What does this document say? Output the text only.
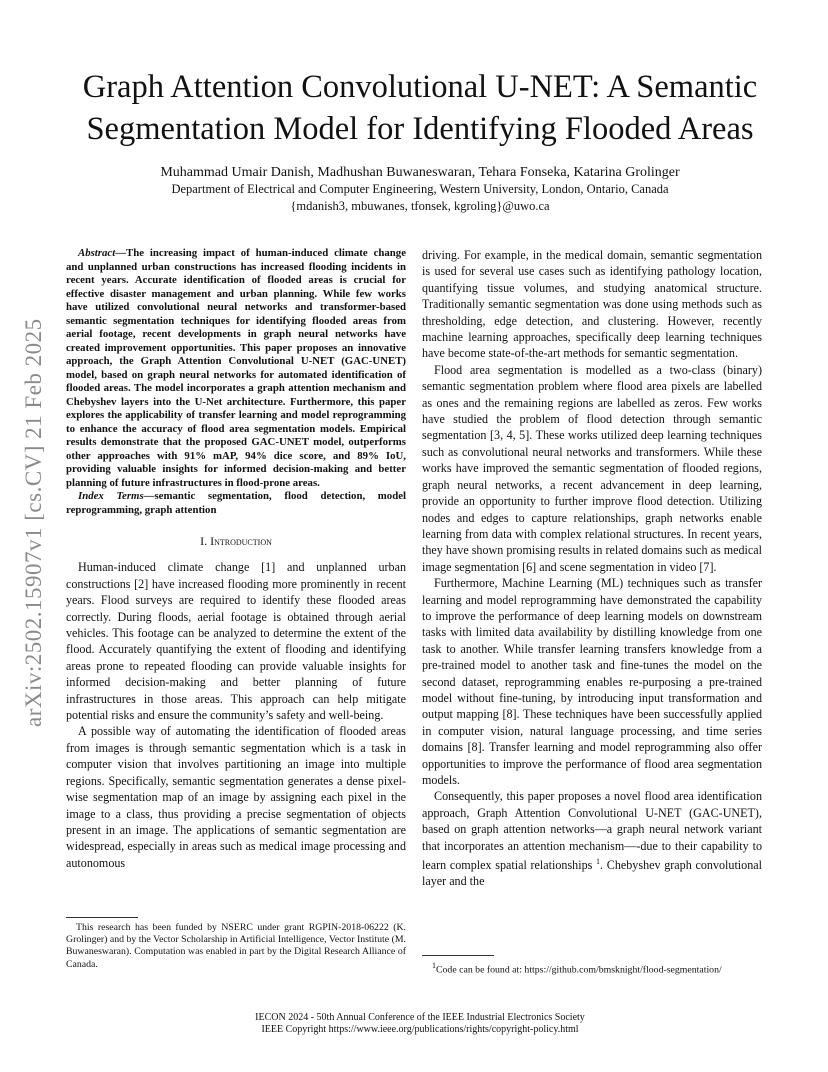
arXiv:2502.15907v1 [cs.CV] 21 Feb 2025
Graph Attention Convolutional U-NET: A Semantic Segmentation Model for Identifying Flooded Areas
Muhammad Umair Danish, Madhushan Buwaneswaran, Tehara Fonseka, Katarina Grolinger
Department of Electrical and Computer Engineering, Western University, London, Ontario, Canada
{mdanish3, mbuwanes, tfonsek, kgroling}@uwo.ca

Abstract—The increasing impact of human-induced climate change and unplanned urban constructions has increased flooding incidents in recent years. Accurate identification of flooded areas is crucial for effective disaster management and urban planning. While few works have utilized convolutional neural networks and transformer-based semantic segmentation techniques for identifying flooded areas from aerial footage, recent developments in graph neural networks have created improvement opportunities. This paper proposes an innovative approach, the Graph Attention Convolutional U-NET (GAC-UNET) model, based on graph neural networks for automated identification of flooded areas. The model incorporates a graph attention mechanism and Chebyshev layers into the U-Net architecture. Furthermore, this paper explores the applicability of transfer learning and model reprogramming to enhance the accuracy of flood area segmentation models. Empirical results demonstrate that the proposed GAC-UNET model, outperforms other approaches with 91% mAP, 94% dice score, and 89% IoU, providing valuable insights for informed decision-making and better planning of future infrastructures in flood-prone areas.

Index Terms—semantic segmentation, flood detection, model reprogramming, graph attention

I. Introduction

Human-induced climate change [1] and unplanned urban constructions [2] have increased flooding more prominently in recent years. Flood surveys are required to identify these flooded areas correctly. During floods, aerial footage is obtained through aerial vehicles. This footage can be analyzed to determine the extent of the flood. Accurately quantifying the extent of flooding and identifying areas prone to repeated flooding can provide valuable insights for informed decision-making and better planning of future infrastructures in those areas. This approach can help mitigate potential risks and ensure the community’s safety and well-being.

A possible way of automating the identification of flooded areas from images is through semantic segmentation which is a task in computer vision that involves partitioning an image into multiple regions. Specifically, semantic segmentation generates a dense pixel-wise segmentation map of an image by assigning each pixel in the image to a class, thus providing a precise segmentation of objects present in an image. The applications of semantic segmentation are widespread, especially in areas such as medical image processing and autonomous

This research has been funded by NSERC under grant RGPIN-2018-06222 (K. Grolinger) and by the Vector Scholarship in Artificial Intelligence, Vector Institute (M. Buwaneswaran). Computation was enabled in part by the Digital Research Alliance of Canada.

driving. For example, in the medical domain, semantic segmentation is used for several use cases such as identifying pathology location, quantifying tissue volumes, and studying anatomical structure. Traditionally semantic segmentation was done using methods such as thresholding, edge detection, and clustering. However, recently machine learning approaches, specifically deep learning techniques have become state-of-the-art methods for semantic segmentation.

Flood area segmentation is modelled as a two-class (binary) semantic segmentation problem where flood area pixels are labelled as ones and the remaining regions are labelled as zeros. Few works have studied the problem of flood detection through semantic segmentation [3, 4, 5]. These works utilized deep learning techniques such as convolutional neural networks and transformers. While these works have improved the semantic segmentation of flooded regions, graph neural networks, a recent advancement in deep learning, provide an opportunity to further improve flood detection. Utilizing nodes and edges to capture relationships, graph networks enable learning from data with complex relational structures. In recent years, they have shown promising results in related domains such as medical image segmentation [6] and scene segmentation in video [7].

Furthermore, Machine Learning (ML) techniques such as transfer learning and model reprogramming have demonstrated the capability to improve the performance of deep learning models on downstream tasks with limited data availability by distilling knowledge from one task to another. While transfer learning transfers knowledge from a pre-trained model to another task and fine-tunes the model on the second dataset, reprogramming enables re-purposing a pre-trained model without fine-tuning, by introducing input transformation and output mapping [8]. These techniques have been successfully applied in computer vision, natural language processing, and time series domains [8]. Transfer learning and model reprogramming also offer opportunities to improve the performance of flood area segmentation models.

Consequently, this paper proposes a novel flood area identification approach, Graph Attention Convolutional U-NET (GAC-UNET), based on graph attention networks—a graph neural network variant that incorporates an attention mechanism—-due to their capability to learn complex spatial relationships $^1$. Chebyshev graph convolutional layer and the

$^1$Code can be found at: https://github.com/bmsknight/flood-segmentation/
IECON 2024 - 50th Annual Conference of the IEEE Industrial Electronics Society
IEEE Copyright https://www.ieee.org/publications/rights/copyright-policy.html
